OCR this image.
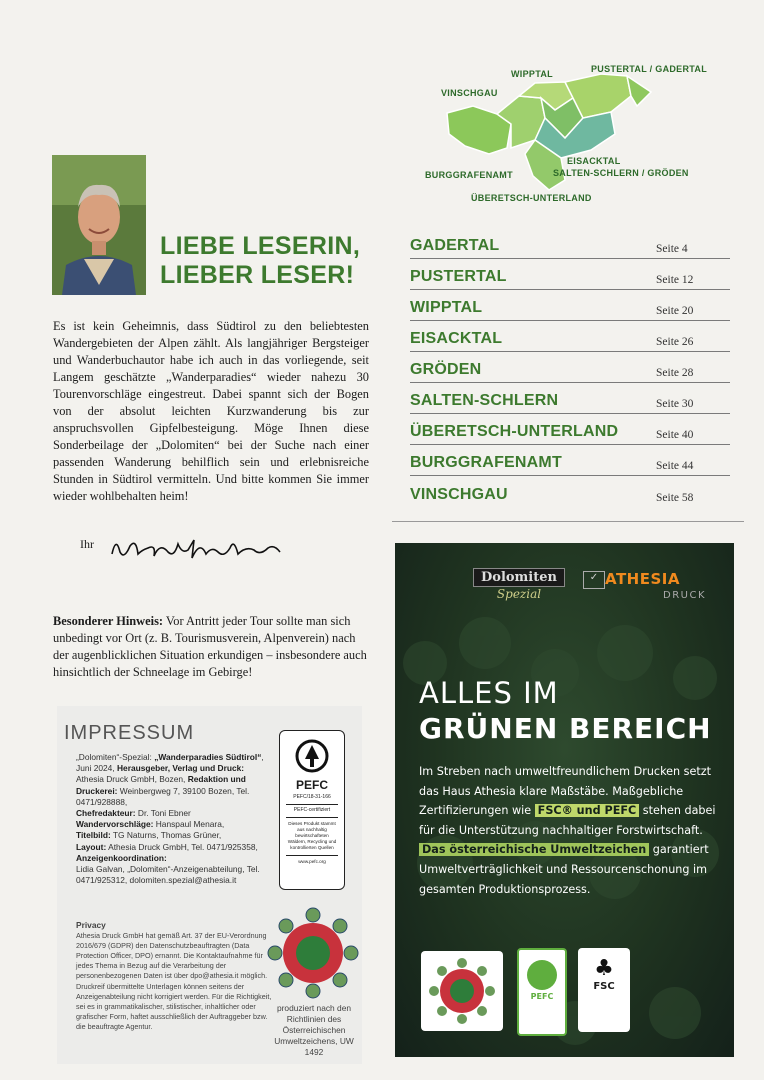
VINSCHGAU
WIPPTAL	PUSTERTAL / GADERTAL
BURGGRAFENAMT
EISACKTAL
SALTEN-SCHLERN / GRÖDEN
ÜBERETSCH-UNTERLAND
LIEBE LESERIN,
LIEBER LESER!
Es ist kein Geheimnis, dass Südtirol zu den beliebtesten Wandergebieten der Alpen zählt. Als langjähriger Bergsteiger und Wanderbuchautor habe ich auch in das vorliegende, seit Langem geschätzte „Wanderparadies“ wieder nahezu 30 Tourenvorschläge eingestreut. Dabei spannt sich der Bogen von der absolut leichten Kurzwanderung bis zur anspruchsvollen Gipfelbesteigung. Möge Ihnen diese Sonderbeilage der „Dolomiten“ bei der Suche nach einer passenden Wanderung behilflich sein und erlebnisreiche Stunden in Südtirol vermitteln. Und bitte kommen Sie immer wieder wohlbehalten heim!
Ihr
Besonderer Hinweis: Vor Antritt jeder Tour sollte man sich unbedingt vor Ort (z. B. Tourismusverein, Alpenverein) nach der augenblicklichen Situation erkundigen – insbesondere auch hinsichtlich der Schneelage im Gebirge!
GADERTAL	Seite 4
PUSTERTAL	Seite 12
WIPPTAL	Seite 20
EISACKTAL	Seite 26
GRÖDEN	Seite 28
SALTEN-SCHLERN	Seite 30
ÜBERETSCH-UNTERLAND	Seite 40
BURGGRAFENAMT	Seite 44
VINSCHGAU	Seite 58
IMPRESSUM
„Dolomiten“-Spezial: „Wanderparadies Südtirol“, Juni 2024, Herausgeber, Verlag und Druck: Athesia Druck GmbH, Bozen, Redaktion und Druckerei: Weinbergweg 7, 39100 Bozen, Tel. 0471/928888,
Chefredakteur: Dr. Toni Ebner
Wandervorschläge: Hanspaul Menara,
Titelbild: TG Naturns, Thomas Grüner,
Layout: Athesia Druck GmbH, Tel. 0471/925358,
Anzeigenkoordination:
Lidia Galvan, „Dolomiten“-Anzeigenabteilung, Tel. 0471/925312, dolomiten.spezial@athesia.it
Privacy
Athesia Druck GmbH hat gemäß Art. 37 der EU-Verordnung 2016/679 (GDPR) den Datenschutzbeauftragten (Data Protection Officer, DPO) ernannt. Die Kontaktaufnahme für jedes Thema in Bezug auf die Verarbeitung der personenbezogenen Daten ist über dpo@athesia.it möglich.
Druckreif übermittelte Unterlagen können seitens der Anzeigenabteilung nicht korrigiert werden. Für die Richtigkeit, sei es in grammatikalischer, stilistischer, inhaltlicher oder grafischer Form, haftet ausschließlich der Auftraggeber bzw. die beauftragte Agentur.
PEFC
PEFC/18-31-166
PEFC-certifiziert
Dieses Produkt stammt aus nachhaltig bewirtschafteten Wäldern, Recycling und kontrollierten Quellen
www.pefc.org
produziert nach den Richtlinien des Österreichischen Umweltzeichens, UW 1492
Dolomiten
Spezial
✓ ATHESIA
DRUCK
PEFC
♣
FSC
ALLES IM
GRÜNEN BEREICH
Im Streben nach umweltfreundlichem Drucken setzt das Haus Athesia klare Maßstäbe. Maßgebliche Zertifizierungen wie FSC® und PEFC stehen dabei für die Unterstützung nachhaltiger Forstwirtschaft. Das österreichische Umweltzeichen garantiert Umweltverträglichkeit und Ressourcenschonung im gesamten Produktionsprozess.
